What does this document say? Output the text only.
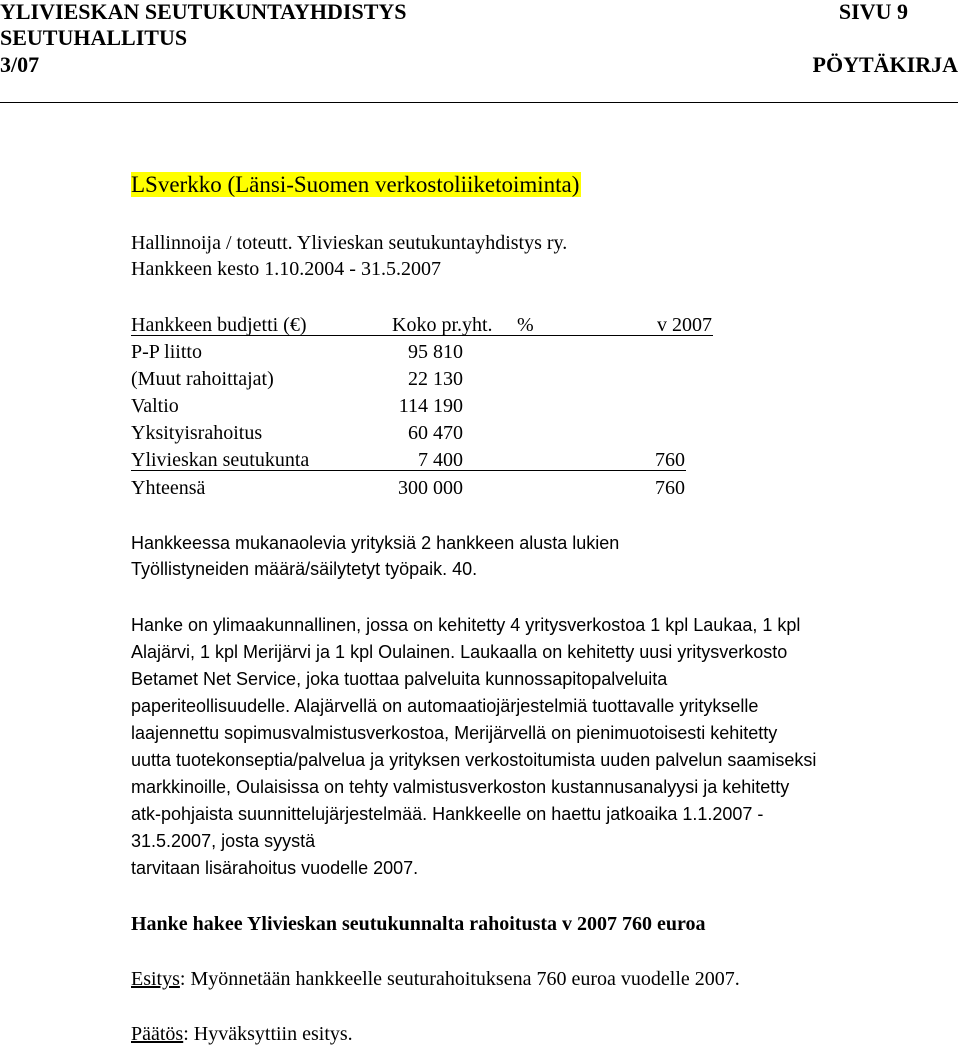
YLIVIESKAN SEUTUKUNTAYHDISTYS	SIVU 9
SEUTUHALLITUS
3/07	PÖYTÄKIRJA
LSverkko (Länsi-Suomen verkostoliiketoiminta)
Hallinnoija / toteutt. Ylivieskan seutukuntayhdistys ry.
Hankkeen kesto 1.10.2004 - 31.5.2007
Hankkeen budjetti (€)	Koko pr.yht. %	v 2007
P-P liitto	95 810
(Muut rahoittajat)	22 130
Valtio	114 190
Yksityisrahoitus	60 470
Ylivieskan seutukunta	7 400	760
Yhteensä	300 000	760
Hankkeessa mukanaolevia yrityksiä 2 hankkeen alusta lukien
Työllistyneiden määrä/säilytetyt työpaik. 40.
Hanke on ylimaakunnallinen, jossa on kehitetty 4 yritysverkostoa 1 kpl Laukaa, 1 kpl
Alajärvi, 1 kpl Merijärvi ja 1 kpl Oulainen. Laukaalla on kehitetty uusi yritysverkosto
Betamet Net Service, joka tuottaa palveluita kunnossapitopalveluita
paperiteollisuudelle. Alajärvellä on automaatiojärjestelmiä tuottavalle yritykselle
laajennettu sopimusvalmistusverkostoa, Merijärvellä on pienimuotoisesti kehitetty
uutta tuotekonseptia/palvelua ja yrityksen verkostoitumista uuden palvelun saamiseksi
markkinoille, Oulaisissa on tehty valmistusverkoston kustannusanalyysi ja kehitetty
atk-pohjaista suunnittelujärjestelmää. Hankkeelle on haettu jatkoaika 1.1.2007 -
31.5.2007, josta syystä
tarvitaan lisärahoitus vuodelle 2007.
Hanke hakee Ylivieskan seutukunnalta rahoitusta v 2007 760 euroa
Esitys: Myönnetään hankkeelle seuturahoituksena 760 euroa vuodelle 2007.
Päätös: Hyväksyttiin esitys.
